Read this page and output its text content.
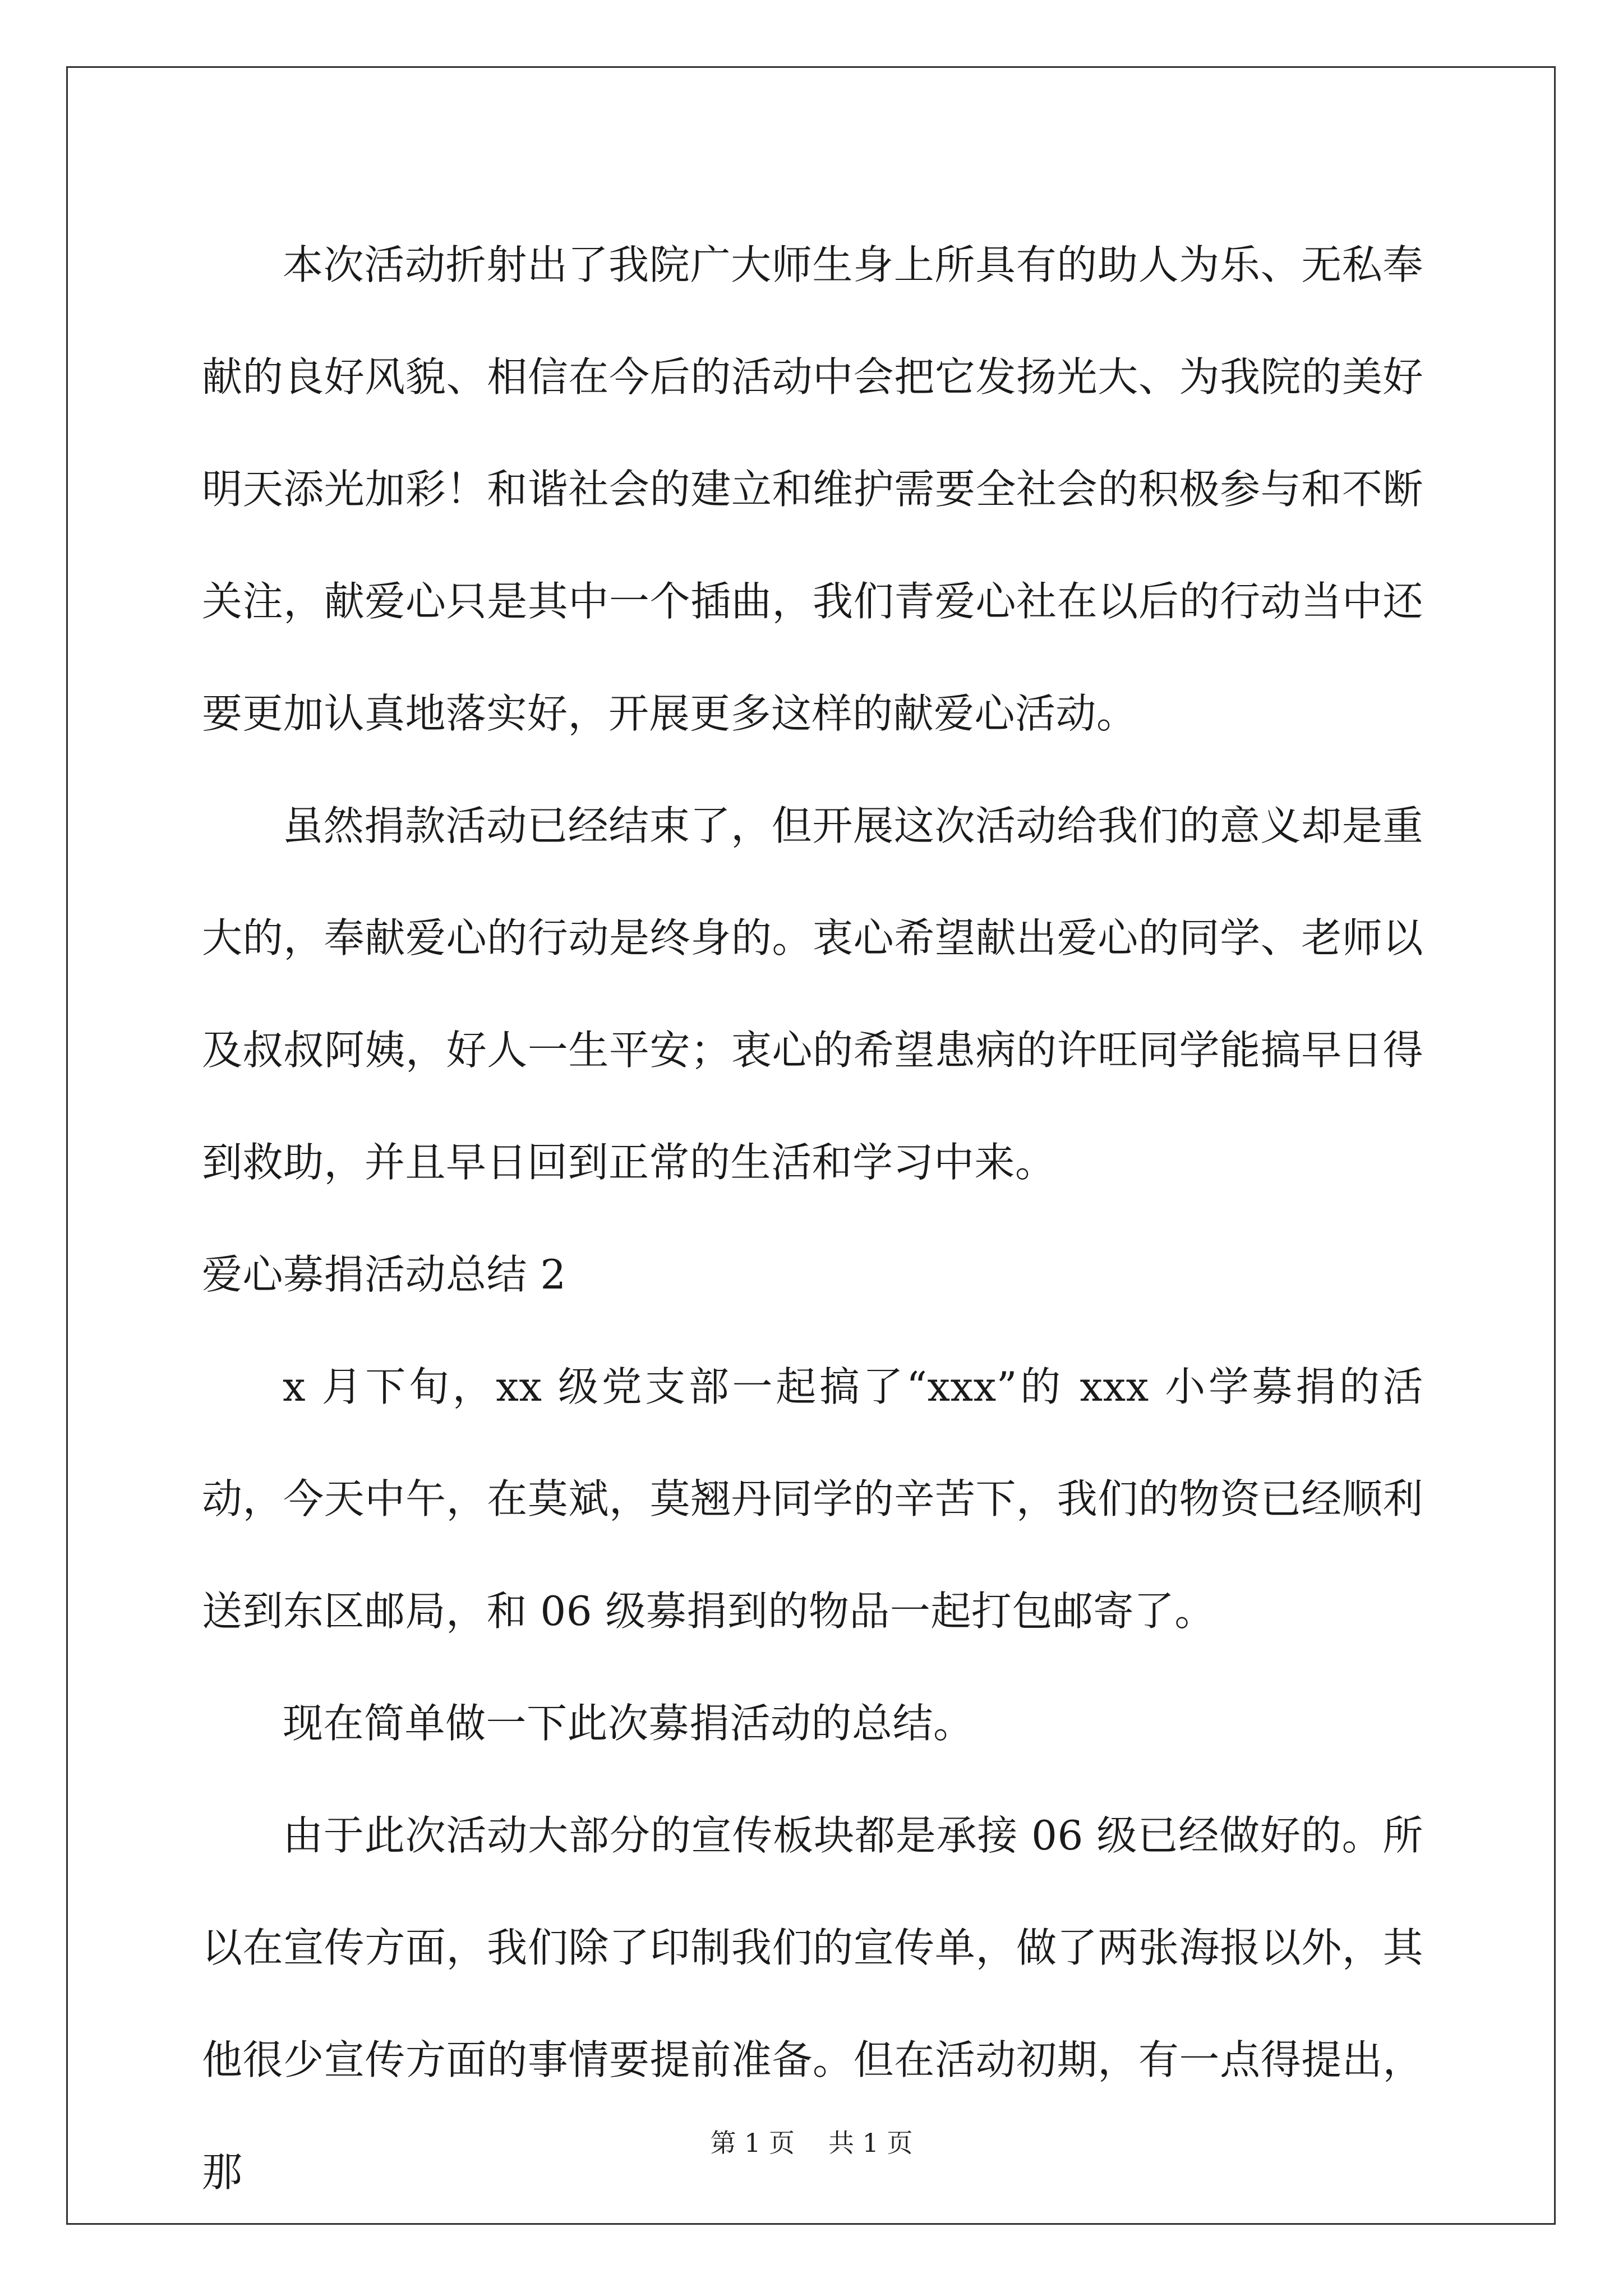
本次活动折射出了我院广大师生身上所具有的助人为乐、无私奉献的良好风貌、相信在今后的活动中会把它发扬光大、为我院的美好明天添光加彩！和谐社会的建立和维护需要全社会的积极参与和不断关注，献爱心只是其中一个插曲，我们青爱心社在以后的行动当中还要更加认真地落实好，开展更多这样的献爱心活动。

虽然捐款活动已经结束了，但开展这次活动给我们的意义却是重大的，奉献爱心的行动是终身的。衷心希望献出爱心的同学、老师以及叔叔阿姨，好人一生平安；衷心的希望患病的许旺同学能搞早日得到救助，并且早日回到正常的生活和学习中来。

爱心募捐活动总结 2

x 月下旬，xx 级党支部一起搞了“xxx”的 xxx 小学募捐的活动，今天中午，在莫斌，莫翘丹同学的辛苦下，我们的物资已经顺利送到东区邮局，和 06 级募捐到的物品一起打包邮寄了。

现在简单做一下此次募捐活动的总结。

由于此次活动大部分的宣传板块都是承接 06 级已经做好的。所以在宣传方面，我们除了印制我们的宣传单，做了两张海报以外，其他很少宣传方面的事情要提前准备。但在活动初期，有一点得提出，那

第 1 页 共 1 页
